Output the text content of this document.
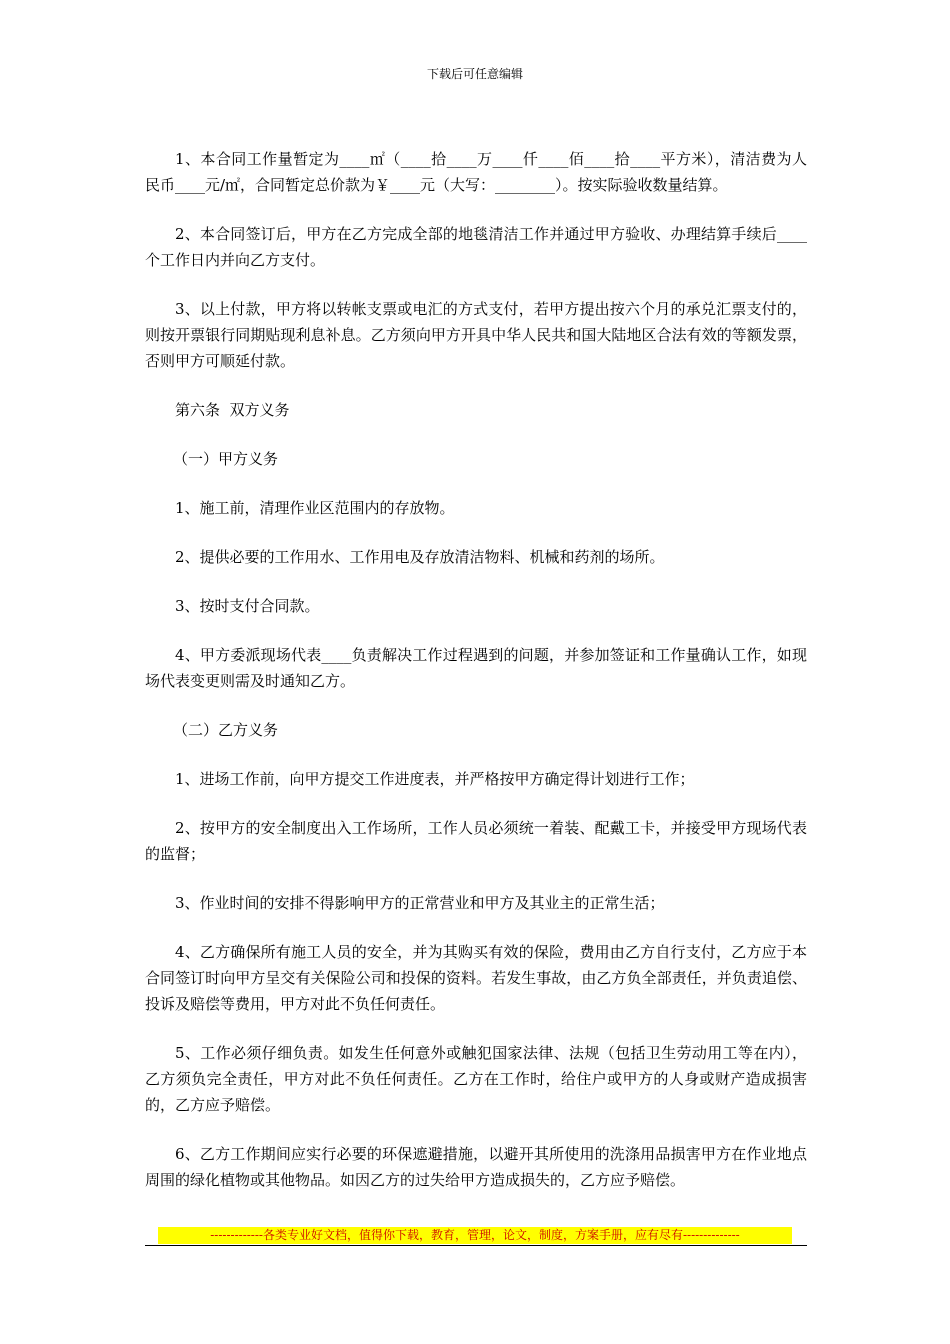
下载后可任意编辑

1、本合同工作量暂定为____㎡（____拾____万____仟____佰____拾____平方米），清洁费为人民币____元/㎡，合同暂定总价款为￥____元（大写：________）。按实际验收数量结算。

2、本合同签订后，甲方在乙方完成全部的地毯清洁工作并通过甲方验收、办理结算手续后____个工作日内并向乙方支付。

3、以上付款，甲方将以转帐支票或电汇的方式支付，若甲方提出按六个月的承兑汇票支付的，则按开票银行同期贴现利息补息。乙方须向甲方开具中华人民共和国大陆地区合法有效的等额发票，否则甲方可顺延付款。

第六条  双方义务

（一）甲方义务

1、施工前，清理作业区范围内的存放物。

2、提供必要的工作用水、工作用电及存放清洁物料、机械和药剂的场所。

3、按时支付合同款。

4、甲方委派现场代表____负责解决工作过程遇到的问题，并参加签证和工作量确认工作，如现场代表变更则需及时通知乙方。

（二）乙方义务

1、进场工作前，向甲方提交工作进度表，并严格按甲方确定得计划进行工作；

2、按甲方的安全制度出入工作场所，工作人员必须统一着装、配戴工卡，并接受甲方现场代表的监督；

3、作业时间的安排不得影响甲方的正常营业和甲方及其业主的正常生活；

4、乙方确保所有施工人员的安全，并为其购买有效的保险，费用由乙方自行支付，乙方应于本合同签订时向甲方呈交有关保险公司和投保的资料。若发生事故，由乙方负全部责任，并负责追偿、投诉及赔偿等费用，甲方对此不负任何责任。

5、工作必须仔细负责。如发生任何意外或触犯国家法律、法规（包括卫生劳动用工等在内），乙方须负完全责任，甲方对此不负任何责任。乙方在工作时，给住户或甲方的人身或财产造成损害的，乙方应予赔偿。

6、乙方工作期间应实行必要的环保遮避措施，以避开其所使用的洗涤用品损害甲方在作业地点周围的绿化植物或其他物品。如因乙方的过失给甲方造成损失的，乙方应予赔偿。

-------------各类专业好文档，值得你下载，教育，管理，论文，制度，方案手册，应有尽有--------------
